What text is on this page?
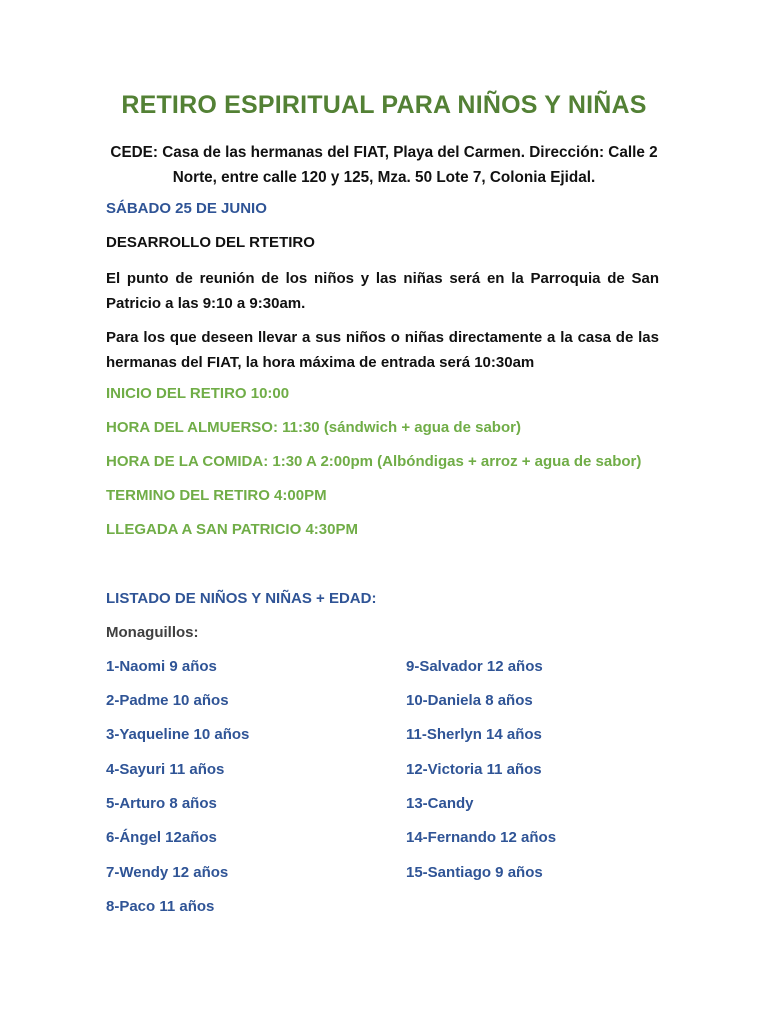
RETIRO ESPIRITUAL PARA NIÑOS Y NIÑAS
CEDE: Casa de las hermanas del FIAT, Playa del Carmen. Dirección: Calle 2 Norte, entre calle 120 y 125, Mza. 50 Lote 7, Colonia Ejidal.
SÁBADO 25 DE JUNIO
DESARROLLO DEL RTETIRO
El punto de reunión de los niños y las niñas será en la Parroquia de San Patricio a las 9:10 a 9:30am.
Para los que deseen llevar a sus niños o niñas directamente a la casa de las hermanas del FIAT, la hora máxima de entrada será 10:30am
INICIO DEL RETIRO 10:00
HORA DEL ALMUERSO: 11:30 (sándwich + agua de sabor)
HORA DE LA COMIDA: 1:30 A 2:00pm (Albóndigas + arroz + agua de sabor)
TERMINO DEL RETIRO 4:00PM
LLEGADA A SAN PATRICIO 4:30PM
LISTADO DE NIÑOS Y NIÑAS + EDAD:
Monaguillos:
1-Naomi 9 años
2-Padme 10 años
3-Yaqueline 10 años
4-Sayuri 11 años
5-Arturo 8 años
6-Ángel 12años
7-Wendy 12 años
8-Paco 11 años
9-Salvador 12 años
10-Daniela 8 años
11-Sherlyn 14 años
12-Victoria 11 años
13-Candy
14-Fernando 12 años
15-Santiago 9 años
